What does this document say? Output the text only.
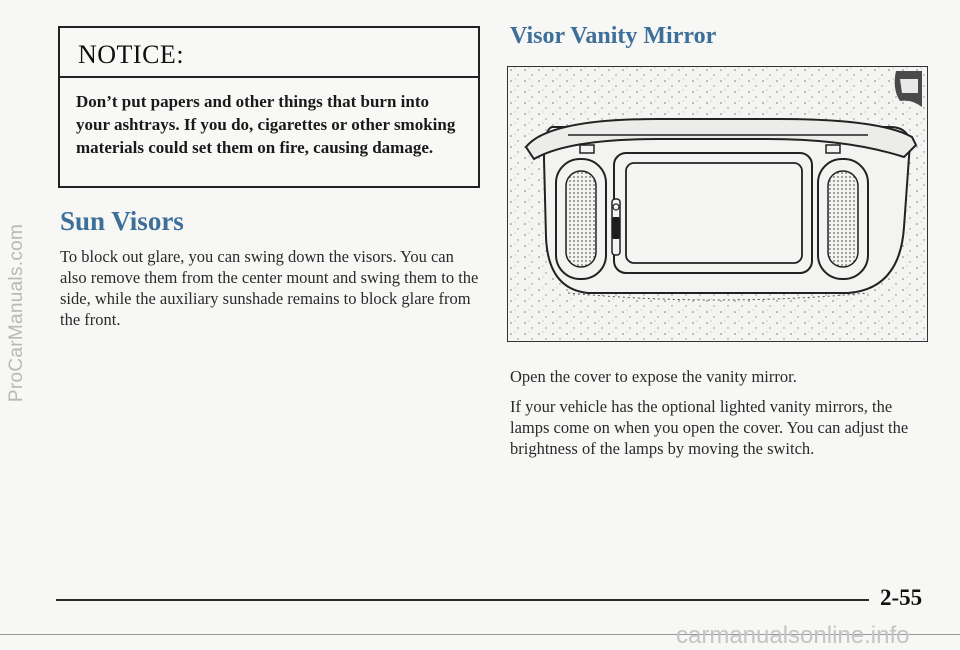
ProCarManuals.com
NOTICE:
Don’t put papers and other things that burn into your ashtrays. If you do, cigarettes or other smoking materials could set them on fire, causing damage.
Sun Visors
To block out glare, you can swing down the visors. You can also remove them from the center mount and swing them to the side, while the auxiliary sunshade remains to block glare from the front.
Visor Vanity Mirror
Open the cover to expose the vanity mirror.
If your vehicle has the optional lighted vanity mirrors, the lamps come on when you open the cover. You can adjust the brightness of the lamps by moving the switch.
2-55
carmanualsonline.info
